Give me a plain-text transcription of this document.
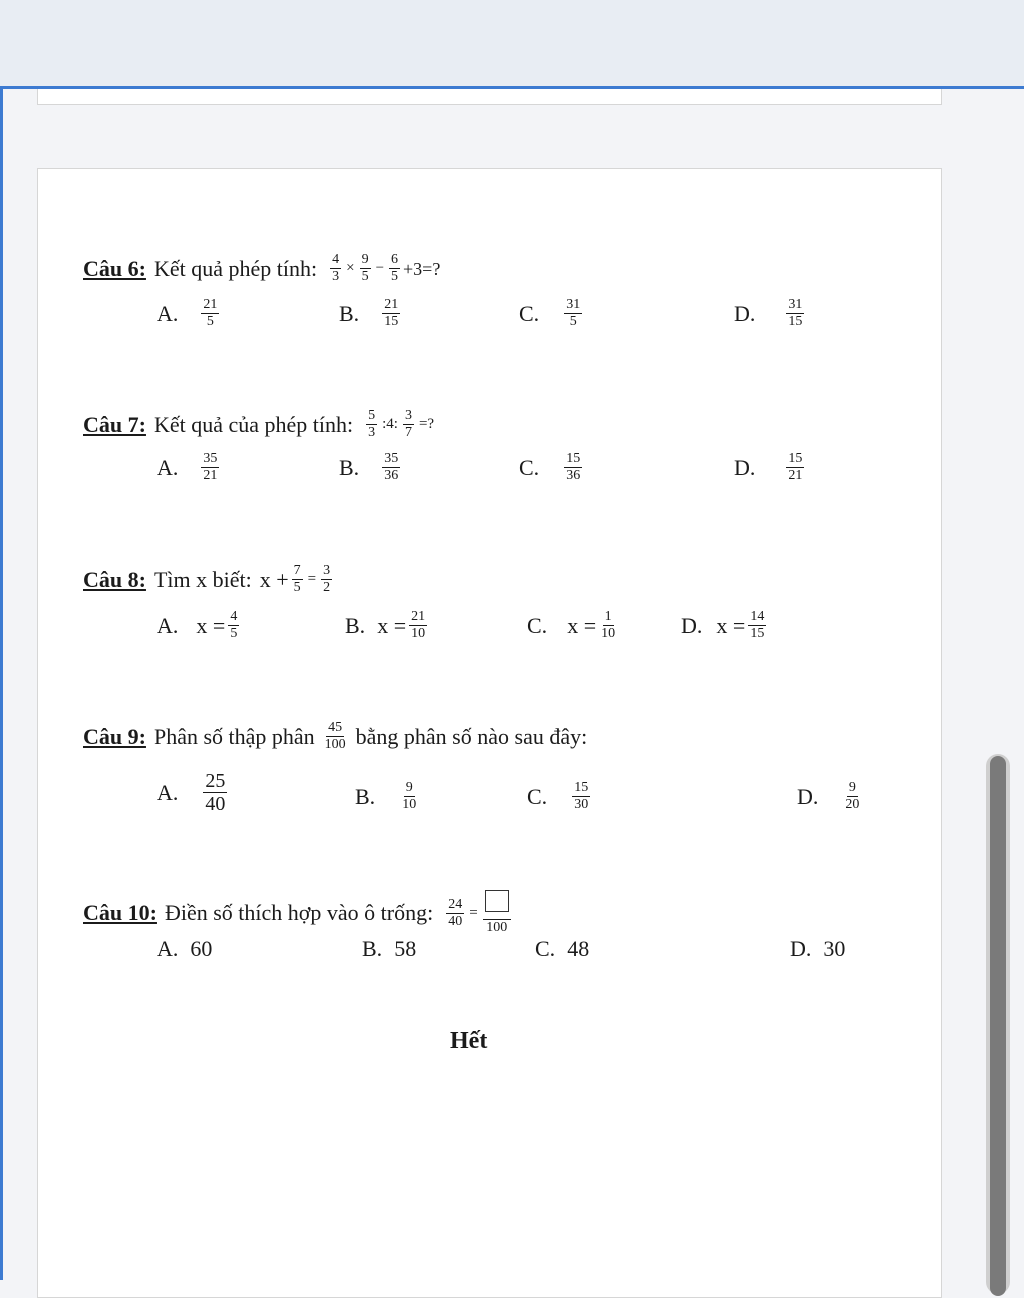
Câu 6: Kết quả phép tính: $\frac{4}{3} \times \frac{9}{5} - \frac{6}{5} +3=$?
A. $\frac{21}{5}$	B. $\frac{21}{15}$	C. $\frac{31}{5}$	D. $\frac{31}{15}$
Câu 7: Kết quả của phép tính: $\frac{5}{3}$ :4: $\frac{3}{7}$ =?
A. $\frac{35}{21}$	B. $\frac{35}{36}$	C. $\frac{15}{36}$	D. $\frac{15}{21}$
Câu 8: Tìm x biết: $x + \frac{7}{5} = \frac{3}{2}$
A. $x = \frac{4}{5}$	B. $x = \frac{21}{10}$	C. $x = \frac{1}{10}$	D. $x = \frac{14}{15}$
Câu 9: Phân số thập phân $\frac{45}{100}$ bằng phân số nào sau đây:
A. $\frac{25}{40}$	B. $\frac{9}{10}$	C. $\frac{15}{30}$	D. $\frac{9}{20}$
Câu 10: Điền số thích hợp vào ô trống: $\frac{24}{40}$ =
100
A. 60	B. 58	C. 48	D. 30
Hết
